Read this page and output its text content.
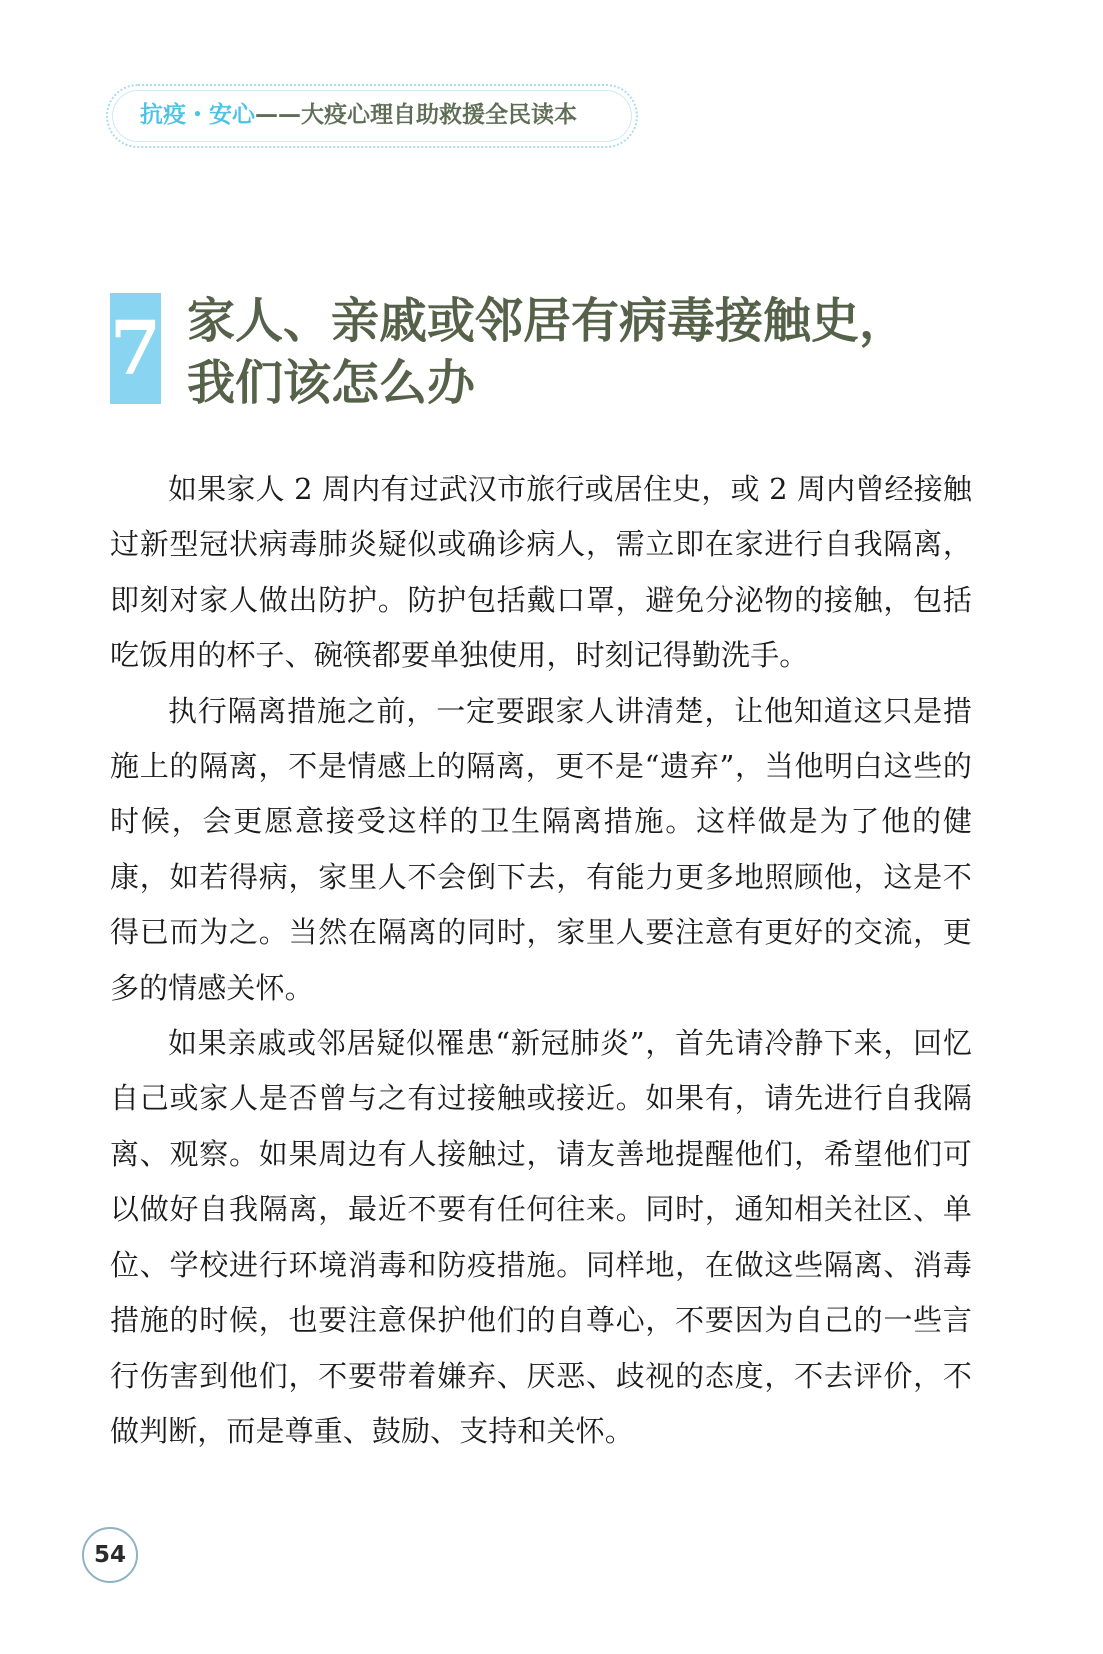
抗疫・安心——大疫心理自助救援全民读本
7 家人、亲戚或邻居有病毒接触史，
我们该怎么办

如果家人 2 周内有过武汉市旅行或居住史，或 2 周内曾经接触过新型冠状病毒肺炎疑似或确诊病人，需立即在家进行自我隔离，即刻对家人做出防护。防护包括戴口罩，避免分泌物的接触，包括吃饭用的杯子、碗筷都要单独使用，时刻记得勤洗手。

执行隔离措施之前，一定要跟家人讲清楚，让他知道这只是措施上的隔离，不是情感上的隔离，更不是“遗弃”，当他明白这些的时候，会更愿意接受这样的卫生隔离措施。这样做是为了他的健康，如若得病，家里人不会倒下去，有能力更多地照顾他，这是不得已而为之。当然在隔离的同时，家里人要注意有更好的交流，更多的情感关怀。

如果亲戚或邻居疑似罹患“新冠肺炎”，首先请冷静下来，回忆自己或家人是否曾与之有过接触或接近。如果有，请先进行自我隔离、观察。如果周边有人接触过，请友善地提醒他们，希望他们可以做好自我隔离，最近不要有任何往来。同时，通知相关社区、单位、学校进行环境消毒和防疫措施。同样地，在做这些隔离、消毒措施的时候，也要注意保护他们的自尊心，不要因为自己的一些言行伤害到他们，不要带着嫌弃、厌恶、歧视的态度，不去评价，不做判断，而是尊重、鼓励、支持和关怀。

54
